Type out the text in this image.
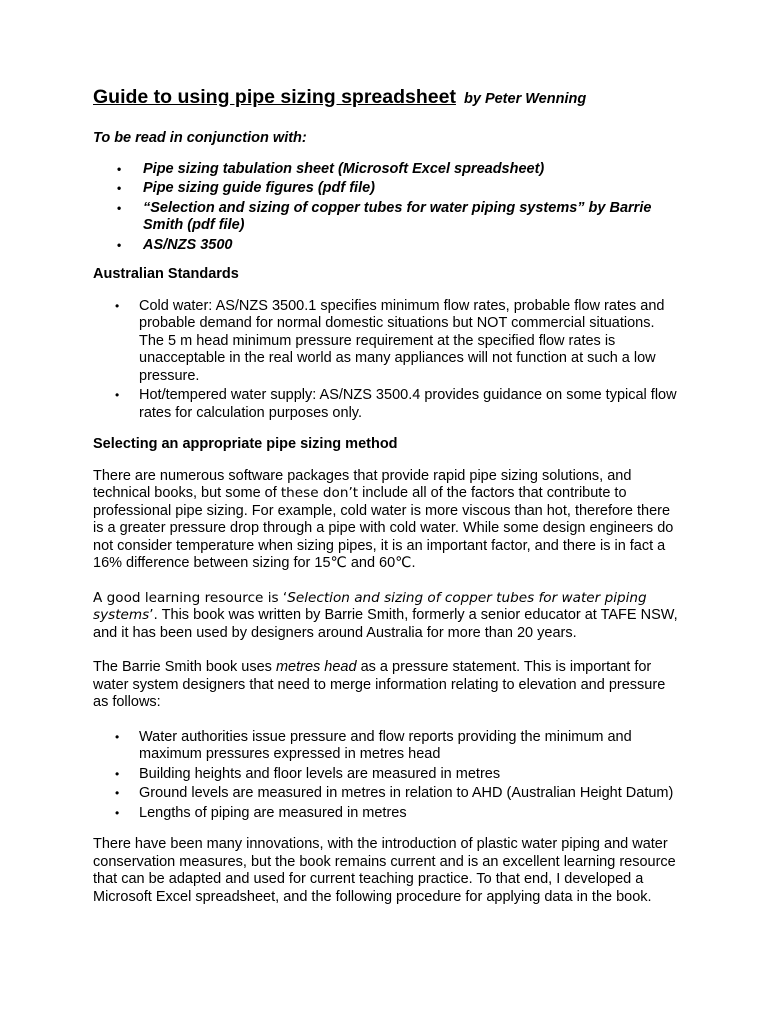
Guide to using pipe sizing spreadsheet by Peter Wenning
To be read in conjunction with:
• Pipe sizing tabulation sheet (Microsoft Excel spreadsheet)
• Pipe sizing guide figures (pdf file)
• “Selection and sizing of copper tubes for water piping systems” by Barrie Smith (pdf file)
• AS/NZS 3500
Australian Standards
• Cold water: AS/NZS 3500.1 specifies minimum flow rates, probable flow rates and probable demand for normal domestic situations but NOT commercial situations. The 5 m head minimum pressure requirement at the specified flow rates is unacceptable in the real world as many appliances will not function at such a low pressure.
• Hot/tempered water supply: AS/NZS 3500.4 provides guidance on some typical flow rates for calculation purposes only.
Selecting an appropriate pipe sizing method

There are numerous software packages that provide rapid pipe sizing solutions, and technical books, but some of these don’t include all of the factors that contribute to professional pipe sizing. For example, cold water is more viscous than hot, therefore there is a greater pressure drop through a pipe with cold water. While some design engineers do not consider temperature when sizing pipes, it is an important factor, and there is in fact a 16% difference between sizing for 15℃ and 60℃.

A good learning resource is ‘Selection and sizing of copper tubes for water piping systems’. This book was written by Barrie Smith, formerly a senior educator at TAFE NSW, and it has been used by designers around Australia for more than 20 years.

The Barrie Smith book uses metres head as a pressure statement. This is important for water system designers that need to merge information relating to elevation and pressure as follows:

• Water authorities issue pressure and flow reports providing the minimum and maximum pressures expressed in metres head
• Building heights and floor levels are measured in metres
• Ground levels are measured in metres in relation to AHD (Australian Height Datum)
• Lengths of piping are measured in metres

There have been many innovations, with the introduction of plastic water piping and water conservation measures, but the book remains current and is an excellent learning resource that can be adapted and used for current teaching practice. To that end, I developed a Microsoft Excel spreadsheet, and the following procedure for applying data in the book.
